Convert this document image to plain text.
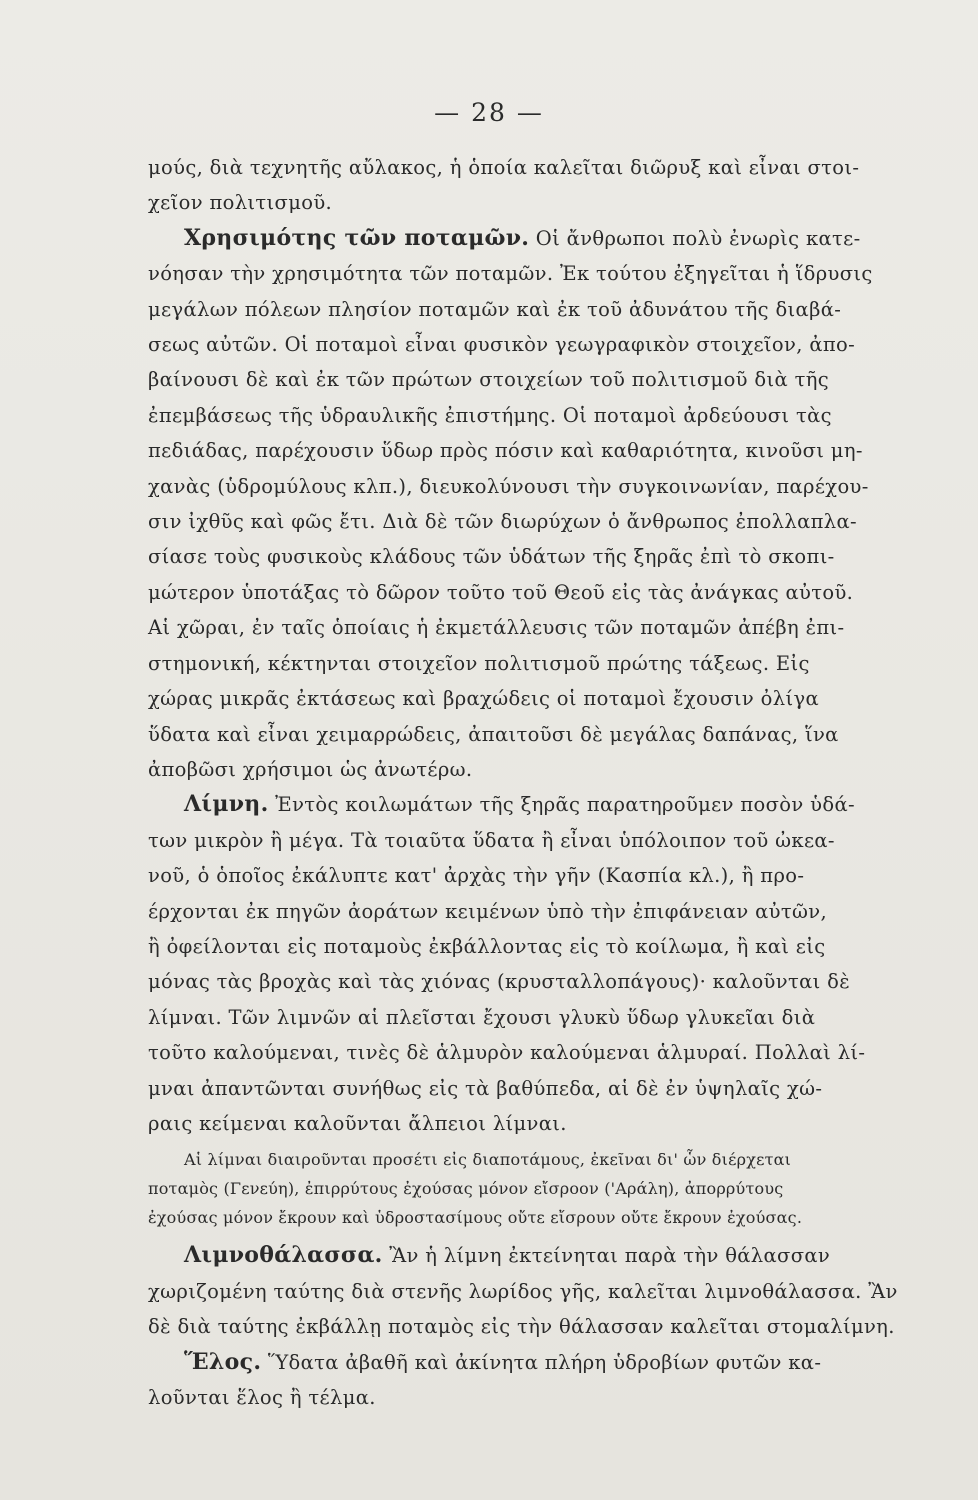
— 28 —
μούς, διὰ τεχνητῆς αὔλακος, ἡ ὁποία καλεῖται διῶρυξ καὶ εἶναι στοι-
χεῖον πολιτισμοῦ.
Χρησιμότης τῶν ποταμῶν. Οἱ ἄνθρωποι πολὺ ἐνωρὶς κατε-
νόησαν τὴν χρησιμότητα τῶν ποταμῶν. Ἐκ τούτου ἐξηγεῖται ἡ ἵδρυσις
μεγάλων πόλεων πλησίον ποταμῶν καὶ ἐκ τοῦ ἀδυνάτου τῆς διαβά-
σεως αὐτῶν. Οἱ ποταμοὶ εἶναι φυσικὸν γεωγραφικὸν στοιχεῖον, ἀπο-
βαίνουσι δὲ καὶ ἐκ τῶν πρώτων στοιχείων τοῦ πολιτισμοῦ διὰ τῆς
ἐπεμβάσεως τῆς ὑδραυλικῆς ἐπιστήμης. Οἱ ποταμοὶ ἀρδεύουσι τὰς
πεδιάδας, παρέχουσιν ὕδωρ πρὸς πόσιν καὶ καθαριότητα, κινοῦσι μη-
χανὰς (ὑδρομύλους κλπ.), διευκολύνουσι τὴν συγκοινωνίαν, παρέχου-
σιν ἰχθῦς καὶ φῶς ἔτι. Διὰ δὲ τῶν διωρύχων ὁ ἄνθρωπος ἐπολλαπλα-
σίασε τοὺς φυσικοὺς κλάδους τῶν ὑδάτων τῆς ξηρᾶς ἐπὶ τὸ σκοπι-
μώτερον ὑποτάξας τὸ δῶρον τοῦτο τοῦ Θεοῦ εἰς τὰς ἀνάγκας αὐτοῦ.
Αἱ χῶραι, ἐν ταῖς ὁποίαις ἡ ἐκμετάλλευσις τῶν ποταμῶν ἀπέβη ἐπι-
στημονική, κέκτηνται στοιχεῖον πολιτισμοῦ πρώτης τάξεως. Εἰς
χώρας μικρᾶς ἐκτάσεως καὶ βραχώδεις οἱ ποταμοὶ ἔχουσιν ὀλίγα
ὕδατα καὶ εἶναι χειμαρρώδεις, ἀπαιτοῦσι δὲ μεγάλας δαπάνας, ἵνα
ἀποβῶσι χρήσιμοι ὡς ἀνωτέρω.
Λίμνη. Ἐντὸς κοιλωμάτων τῆς ξηρᾶς παρατηροῦμεν ποσὸν ὑδά-
των μικρὸν ἢ μέγα. Τὰ τοιαῦτα ὕδατα ἢ εἶναι ὑπόλοιπον τοῦ ὠκεα-
νοῦ, ὁ ὁποῖος ἐκάλυπτε κατ' ἀρχὰς τὴν γῆν (Κασπία κλ.), ἢ προ-
έρχονται ἐκ πηγῶν ἀοράτων κειμένων ὑπὸ τὴν ἐπιφάνειαν αὐτῶν,
ἢ ὀφείλονται εἰς ποταμοὺς ἐκβάλλοντας εἰς τὸ κοίλωμα, ἢ καὶ εἰς
μόνας τὰς βροχὰς καὶ τὰς χιόνας (κρυσταλλοπάγους)· καλοῦνται δὲ
λίμναι. Τῶν λιμνῶν αἱ πλεῖσται ἔχουσι γλυκὺ ὕδωρ γλυκεῖαι διὰ
τοῦτο καλούμεναι, τινὲς δὲ ἁλμυρὸν καλούμεναι ἁλμυραί. Πολλαὶ λί-
μναι ἀπαντῶνται συνήθως εἰς τὰ βαθύπεδα, αἱ δὲ ἐν ὑψηλαῖς χώ-
ραις κείμεναι καλοῦνται ἄλπειοι λίμναι.
Αἱ λίμναι διαιροῦνται προσέτι εἰς διαποτάμους, ἐκεῖναι δι' ὧν διέρχεται
ποταμὸς (Γενεύη), ἐπιρρύτους ἐχούσας μόνον εἴσροον ('Αράλη), ἀπορρύτους
ἐχούσας μόνον ἔκρουν καὶ ὑδροστασίμους οὔτε εἴσρουν οὔτε ἔκρουν ἐχούσας.
Λιμνοθάλασσα. Ἂν ἡ λίμνη ἐκτείνηται παρὰ τὴν θάλασσαν
χωριζομένη ταύτης διὰ στενῆς λωρίδος γῆς, καλεῖται λιμνοθάλασσα. Ἂν
δὲ διὰ ταύτης ἐκβάλλῃ ποταμὸς εἰς τὴν θάλασσαν καλεῖται στομαλίμνη.
Ἕλος. Ὕδατα ἀβαθῆ καὶ ἀκίνητα πλήρη ὑδροβίων φυτῶν κα-
λοῦνται ἕλος ἢ τέλμα.
